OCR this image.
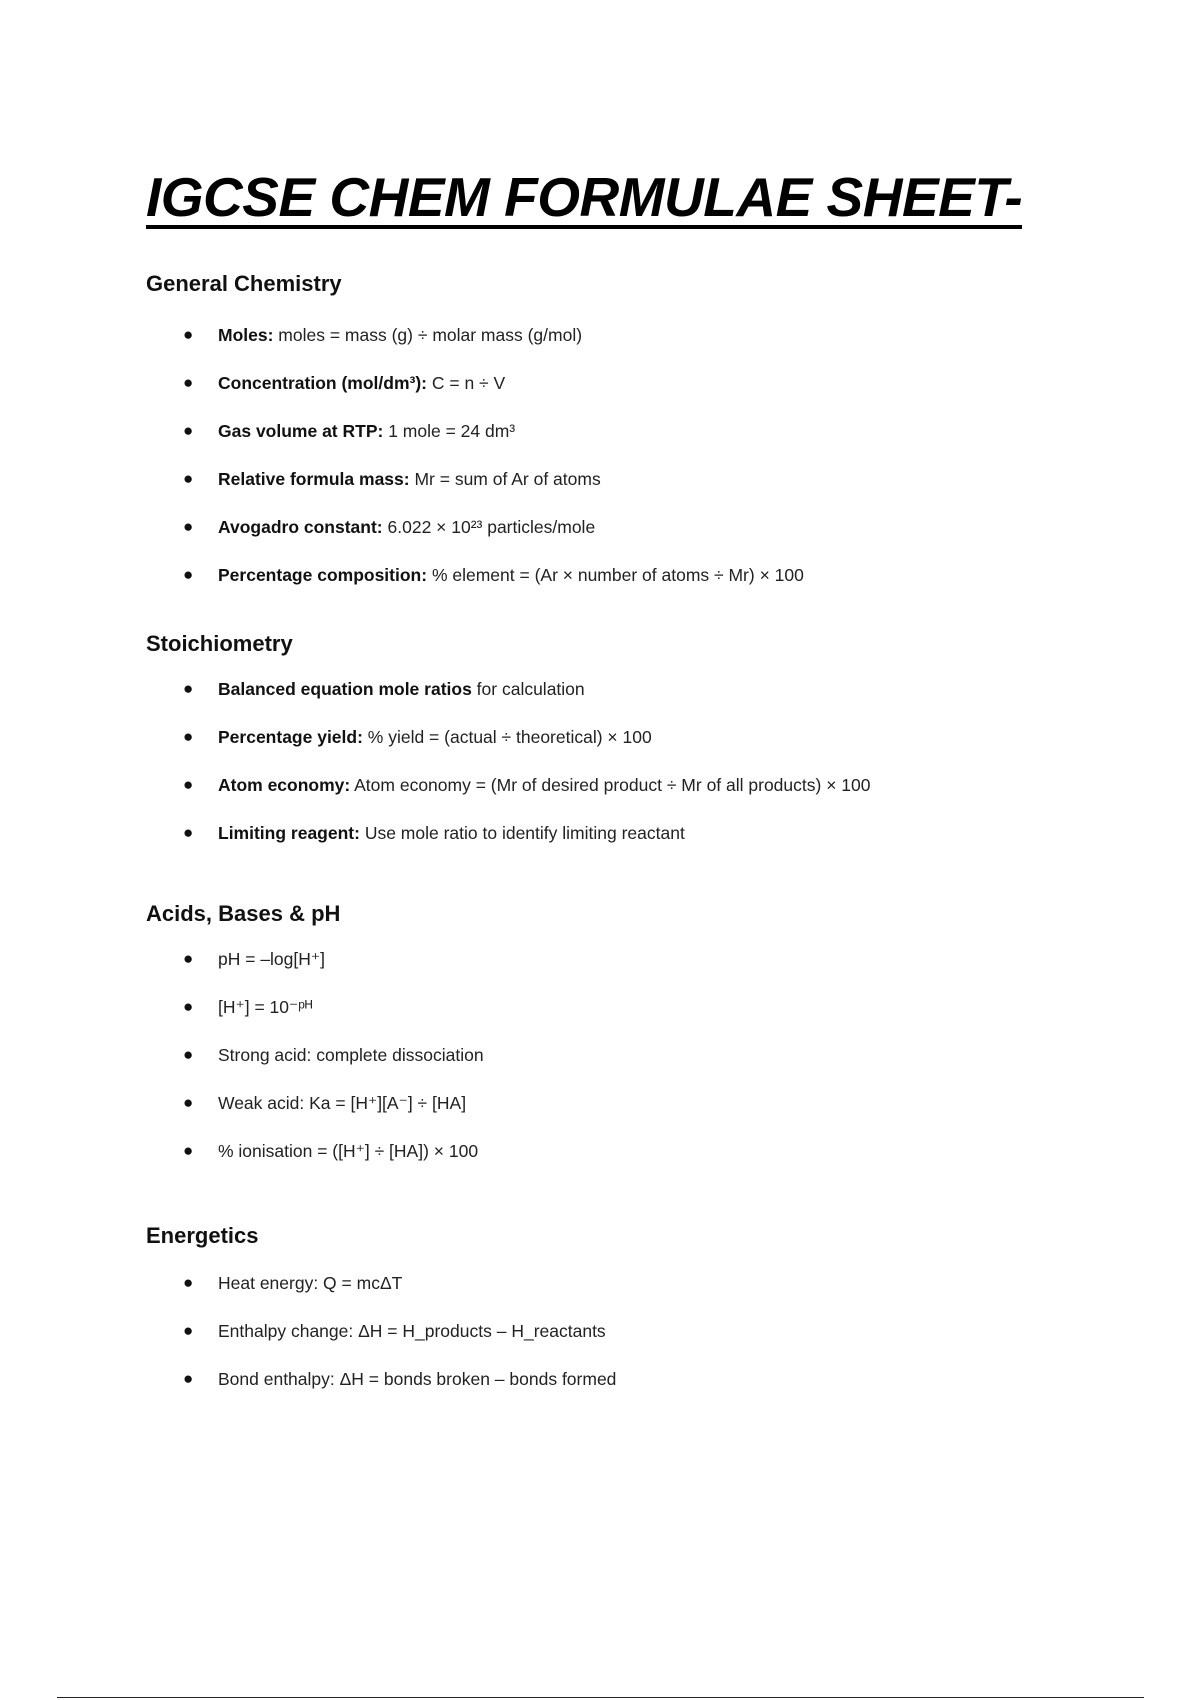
IGCSE CHEM FORMULAE SHEET-
General Chemistry
● Moles: moles = mass (g) ÷ molar mass (g/mol)
● Concentration (mol/dm³): C = n ÷ V
● Gas volume at RTP: 1 mole = 24 dm³
● Relative formula mass: Mr = sum of Ar of atoms
● Avogadro constant: 6.022 × 10²³ particles/mole
● Percentage composition: % element = (Ar × number of atoms ÷ Mr) × 100
Stoichiometry
● Balanced equation mole ratios for calculation
● Percentage yield: % yield = (actual ÷ theoretical) × 100
● Atom economy: Atom economy = (Mr of desired product ÷ Mr of all products) × 100
● Limiting reagent: Use mole ratio to identify limiting reactant
Acids, Bases & pH
● pH = –log[H⁺]
● [H⁺] = 10⁻ᵖᴴ
● Strong acid: complete dissociation
● Weak acid: Ka = [H⁺][A⁻] ÷ [HA]
● % ionisation = ([H⁺] ÷ [HA]) × 100
Energetics
● Heat energy: Q = mcΔT
● Enthalpy change: ΔH = H_products – H_reactants
● Bond enthalpy: ΔH = bonds broken – bonds formed
